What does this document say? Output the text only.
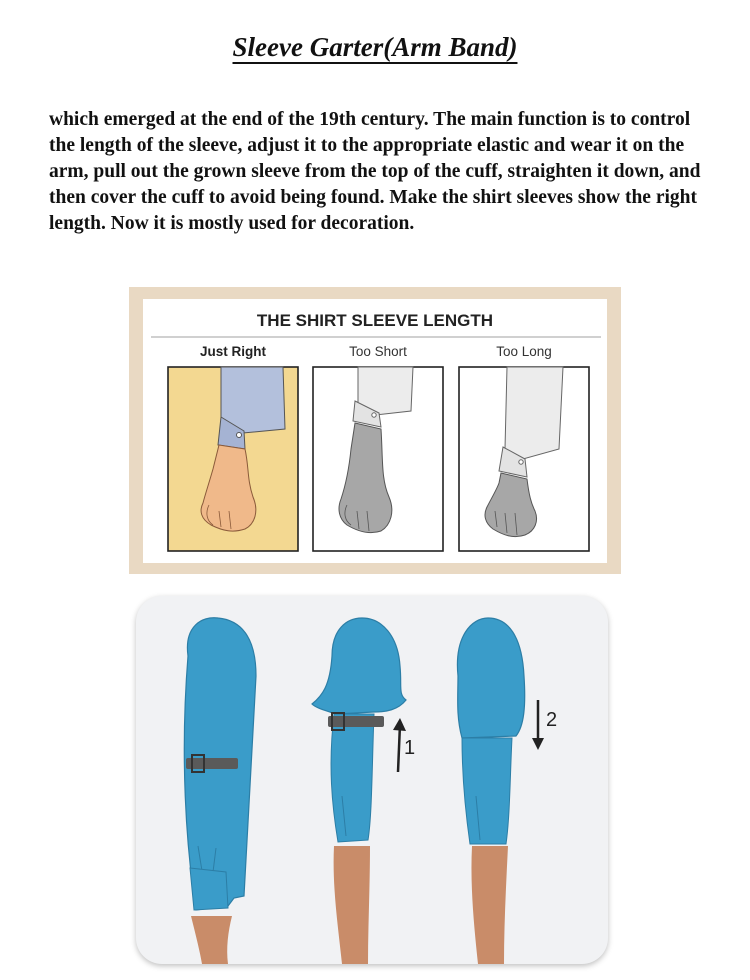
Sleeve Garter(Arm Band)

which emerged at the end of the 19th century. The main function is to control the length of the sleeve, adjust it to the appropriate elastic and wear it on the arm, pull out the grown sleeve from the top of the cuff, straighten it down, and then cover the cuff to avoid being found. Make the shirt sleeves show the right length. Now it is mostly used for decoration.

THE SHIRT SLEEVE LENGTH
Just Right	Too Short	Too Long
1
2
